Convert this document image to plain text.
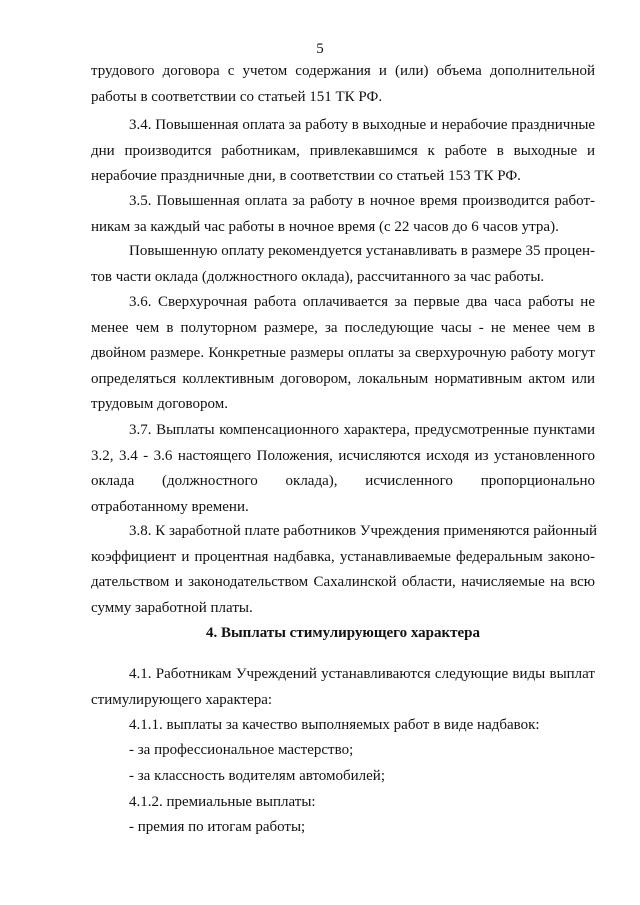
5
трудового договора с учетом содержания и (или) объема дополнительной
работы в соответствии со статьей 151 ТК РФ.
3.4. Повышенная оплата за работу в выходные и нерабочие праздничные
дни производится работникам, привлекавшимся к работе в выходные и
нерабочие праздничные дни, в соответствии со статьей 153 ТК РФ.
3.5. Повышенная оплата за работу в ночное время производится работ-
никам за каждый час работы в ночное время (с 22 часов до 6 часов утра).
Повышенную оплату рекомендуется устанавливать в размере 35 процен-
тов части оклада (должностного оклада), рассчитанного за час работы.
3.6. Сверхурочная работа оплачивается за первые два часа работы не
менее чем в полуторном размере, за последующие часы - не менее чем в
двойном размере. Конкретные размеры оплаты за сверхурочную работу могут
определяться коллективным договором, локальным нормативным актом или
трудовым договором.
3.7. Выплаты компенсационного характера, предусмотренные пунктами
3.2, 3.4 - 3.6 настоящего Положения, исчисляются исходя из установленного
оклада (должностного оклада), исчисленного пропорционально
отработанному времени.
3.8. К заработной плате работников Учреждения применяются районный
коэффициент и процентная надбавка, устанавливаемые федеральным законо-
дательством и законодательством Сахалинской области, начисляемые на всю
сумму заработной платы.
4. Выплаты стимулирующего характера
4.1. Работникам Учреждений устанавливаются следующие виды выплат
стимулирующего характера:
4.1.1. выплаты за качество выполняемых работ в виде надбавок:
- за профессиональное мастерство;
- за классность водителям автомобилей;
4.1.2. премиальные выплаты:
- премия по итогам работы;
